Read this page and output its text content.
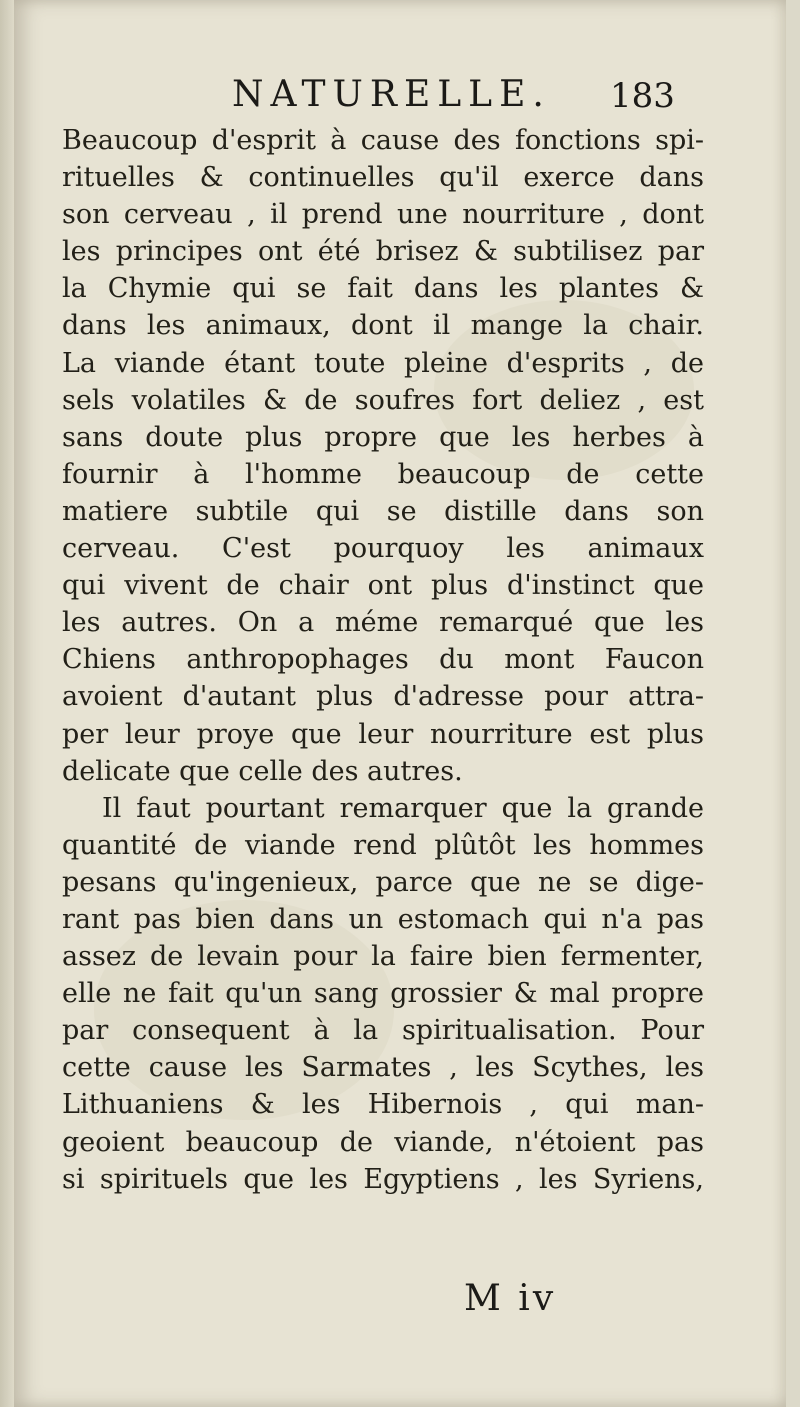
NATURELLE. 183
Beaucoup d'esprit à cause des fonctions spi-
rituelles & continuelles qu'il exerce dans
son cerveau , il prend une nourriture , dont
les principes ont été brisez & subtilisez par
la Chymie qui se fait dans les plantes &
dans les animaux, dont il mange la chair.
La viande étant toute pleine d'esprits , de
sels volatiles & de soufres fort deliez , est
sans doute plus propre que les herbes à
fournir à l'homme beaucoup de cette
matiere subtile qui se distille dans son
cerveau. C'est pourquoy les animaux
qui vivent de chair ont plus d'instinct que
les autres. On a méme remarqué que les
Chiens anthropophages du mont Faucon
avoient d'autant plus d'adresse pour attra-
per leur proye que leur nourriture est plus
delicate que celle des autres.
Il faut pourtant remarquer que la grande
quantité de viande rend plûtôt les hommes
pesans qu'ingenieux, parce que ne se dige-
rant pas bien dans un estomach qui n'a pas
assez de levain pour la faire bien fermenter,
elle ne fait qu'un sang grossier & mal propre
par consequent à la spiritualisation. Pour
cette cause les Sarmates , les Scythes, les
Lithuaniens & les Hibernois , qui man-
geoient beaucoup de viande, n'étoient pas
si spirituels que les Egyptiens , les Syriens,
M iv
